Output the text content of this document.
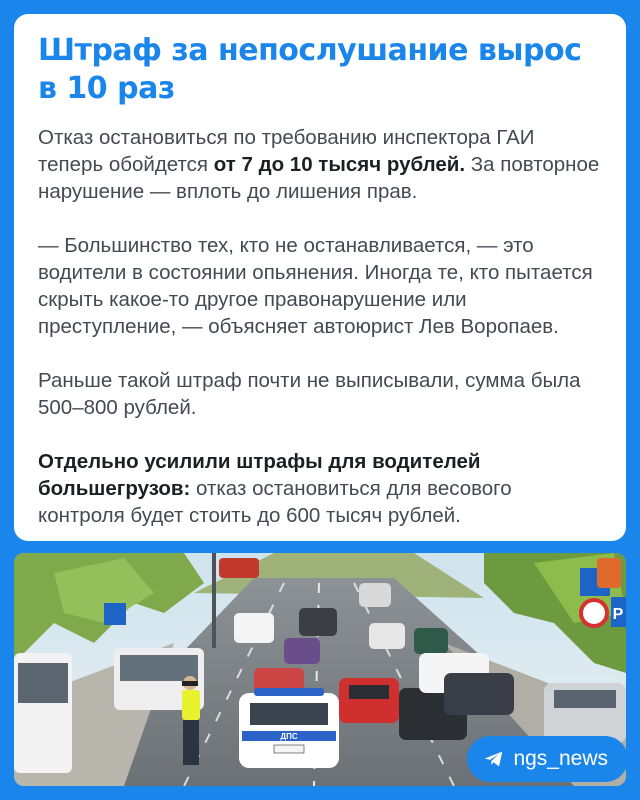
Штраф за непослушание вырос
в 10 раз

Отказ остановиться по требованию инспектора ГАИ теперь обойдется от 7 до 10 тысяч рублей. За повторное нарушение — вплоть до лишения прав.

— Большинство тех, кто не останавливается, — это водители в состоянии опьянения. Иногда те, кто пытается скрыть какое-то другое правонарушение или преступление, — объясняет автоюрист Лев Воропаев.

Раньше такой штраф почти не выписывали, сумма была 500–800 рублей.

Отдельно усилили штрафы для водителей большегрузов: отказ остановиться для весового контроля будет стоить до 600 тысяч рублей.

ДПС
P
ngs_news
